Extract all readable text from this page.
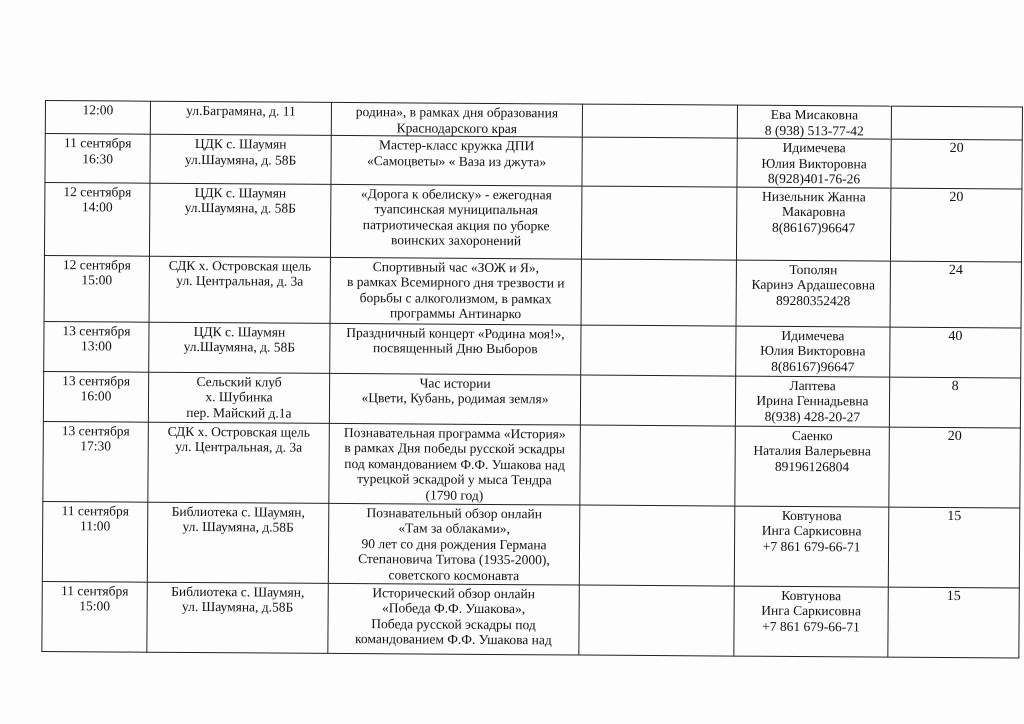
12:00	ул.Баграмяна, д. 11	родина», в рамках дня образования
Краснодарского края		Ева Мисаковна
8 (938) 513-77-42	
11 сентября
16:30	ЦДК с. Шаумян
ул.Шаумяна, д. 58Б	Мастер-класс кружка ДПИ
«Самоцветы» « Ваза из джута»		Идимечева
Юлия Викторовна
8(928)401-76-26	20
12 сентября
14:00	ЦДК с. Шаумян
ул.Шаумяна, д. 58Б	«Дорога к обелиску» - ежегодная
туапсинская муниципальная
патриотическая акция по уборке
воинских захоронений		Низельник Жанна
Макаровна
8(86167)96647	20
12 сентября
15:00	СДК х. Островская щель
ул. Центральная, д. 3а	Спортивный час «ЗОЖ и Я»,
в рамках Всемирного дня трезвости и
борьбы с алкоголизмом, в рамках
программы Антинарко		Тополян
Каринэ Ардашесовна
89280352428	24
13 сентября
13:00	ЦДК с. Шаумян
ул.Шаумяна, д. 58Б	Праздничный концерт «Родина моя!»,
посвященный Дню Выборов		Идимечева
Юлия Викторовна
8(86167)96647	40
13 сентября
16:00	Сельский клуб
х. Шубинка
пер. Майский д.1а	Час истории
«Цвети, Кубань, родимая земля»		Лаптева
Ирина Геннадьевна
8(938) 428-20-27	8
13 сентября
17:30	СДК х. Островская щель
ул. Центральная, д. 3а	Познавательная программа «История»
в рамках Дня победы русской эскадры
под командованием Ф.Ф. Ушакова над
турецкой эскадрой у мыса Тендра
(1790 год)		Саенко
Наталия Валерьевна
89196126804	20
11 сентября
11:00	Библиотека с. Шаумян,
ул. Шаумяна, д.58Б	Познавательный обзор онлайн
«Там за облаками»,
90 лет со дня рождения Германа
Степановича Титова (1935-2000),
советского космонавта		Ковтунова
Инга Саркисовна
+7 861 679-66-71	15
11 сентября
15:00	Библиотека с. Шаумян,
ул. Шаумяна, д.58Б	Исторический обзор онлайн
«Победа Ф.Ф. Ушакова»,
Победа русской эскадры под
командованием Ф.Ф. Ушакова над		Ковтунова
Инга Саркисовна
+7 861 679-66-71	15
